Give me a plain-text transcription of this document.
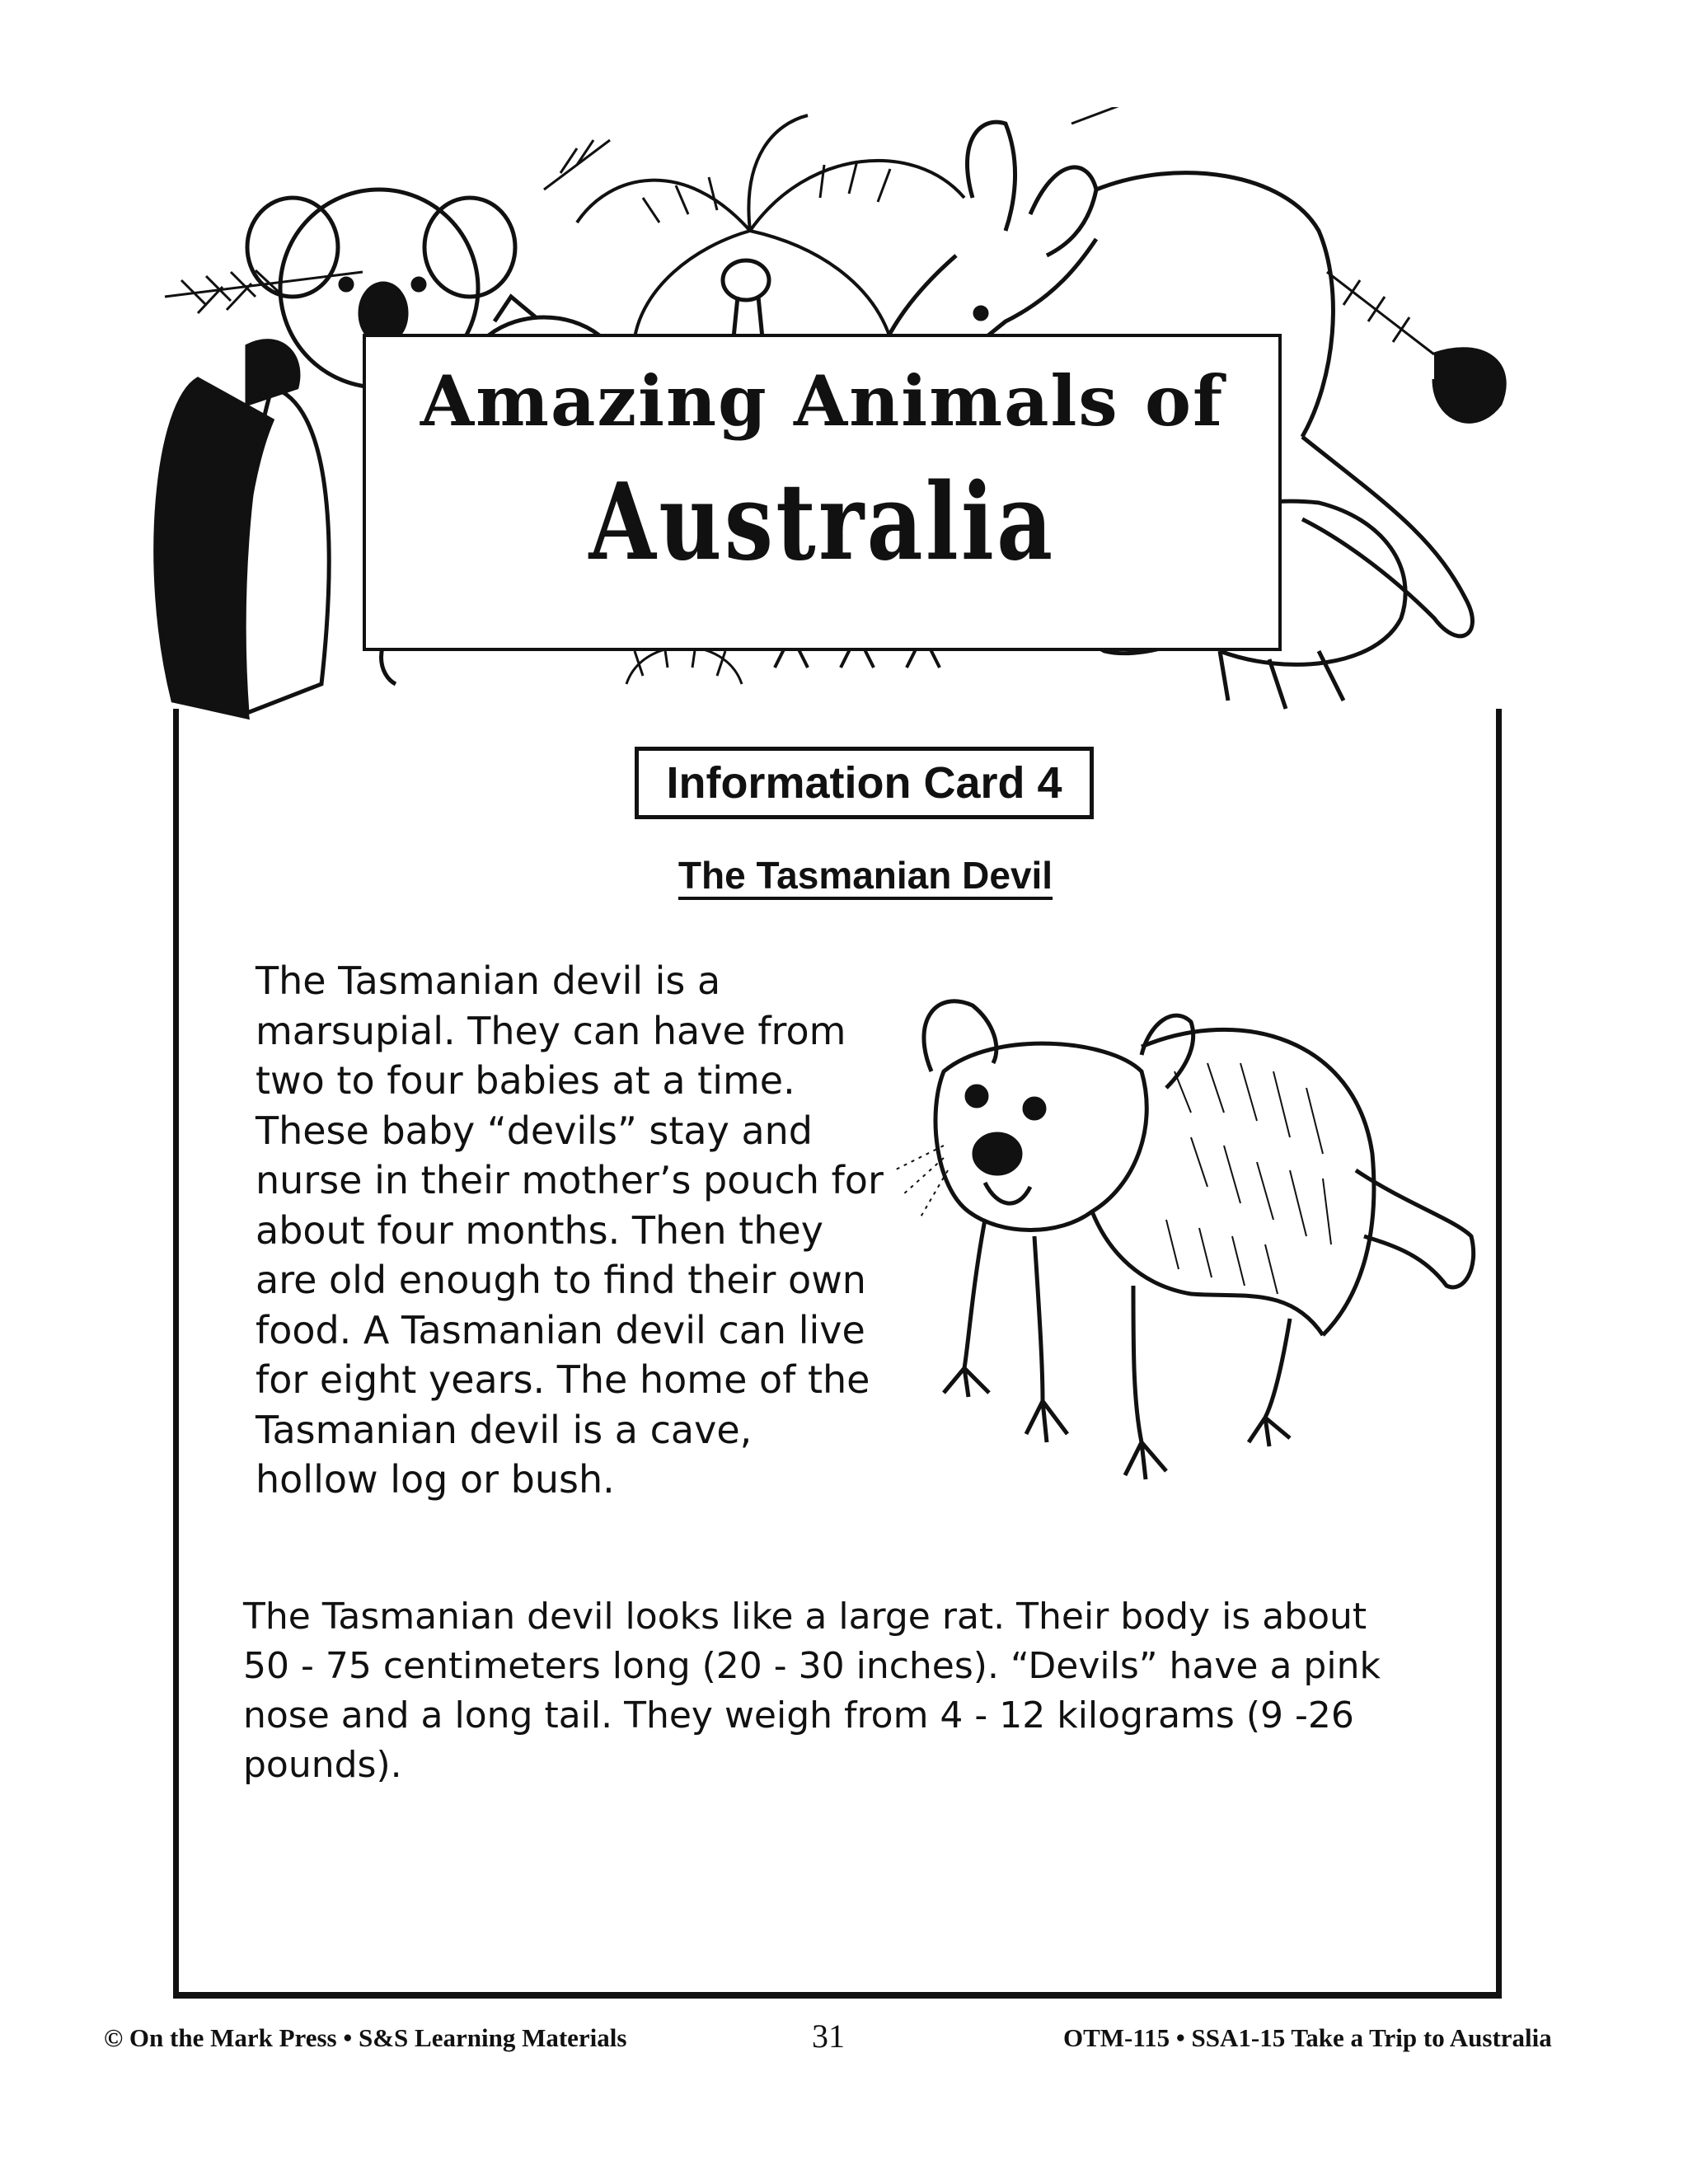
Amazing Animals of
Australia
Information Card 4
The Tasmanian Devil
The Tasmanian devil is a
marsupial. They can have from
two to four babies at a time.
These baby “devils” stay and
nurse in their mother’s pouch for
about four months. Then they
are old enough to find their own
food. A Tasmanian devil can live
for eight years. The home of the
Tasmanian devil is a cave,
hollow log or bush.
The Tasmanian devil looks like a large rat. Their body is about
50 - 75 centimeters long (20 - 30 inches). “Devils” have a pink
nose and a long tail. They weigh from 4 - 12 kilograms (9 -26
pounds).
© On the Mark Press • S&S Learning Materials	31	OTM-115 • SSA1-15 Take a Trip to Australia
